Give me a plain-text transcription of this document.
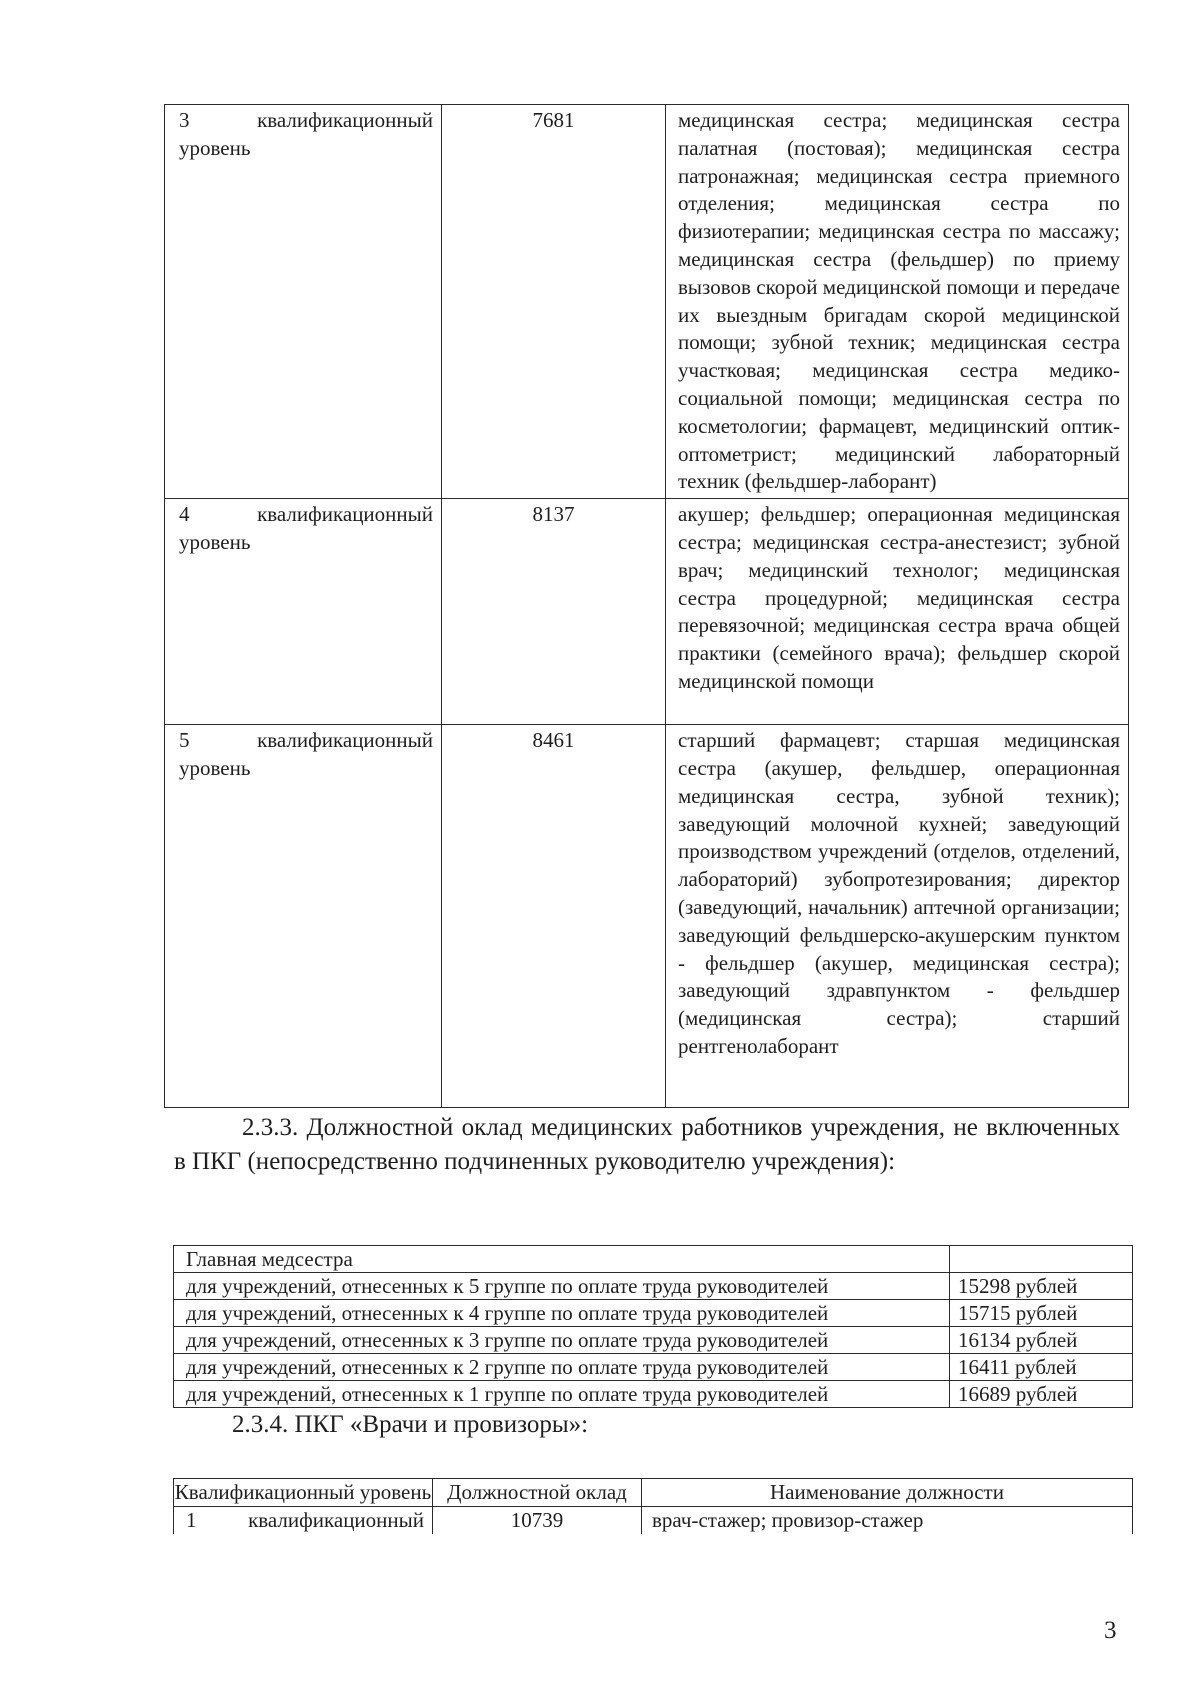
3 квалификационный уровень	7681	медицинская сестра; медицинская сестра палатная (постовая); медицинская сестра патронажная; медицинская сестра приемного отделения; медицинская сестра по физиотерапии; медицинская сестра по массажу; медицинская сестра (фельдшер) по приему вызовов скорой медицинской помощи и передаче их выездным бригадам скорой медицинской помощи; зубной техник; медицинская сестра участковая; медицинская сестра медико-социальной помощи; медицинская сестра по косметологии; фармацевт, медицинский оптик-оптометрист; медицинский лабораторный техник (фельдшер-лаборант)

4 квалификационный уровень	8137	акушер; фельдшер; операционная медицинская сестра; медицинская сестра-анестезист; зубной врач; медицинский технолог; медицинская сестра процедурной; медицинская сестра перевязочной; медицинская сестра врача общей практики (семейного врача); фельдшер скорой медицинской помощи

5 квалификационный уровень	8461	старший фармацевт; старшая медицинская сестра (акушер, фельдшер, операционная медицинская сестра, зубной техник); заведующий молочной кухней; заведующий производством учреждений (отделов, отделений, лабораторий) зубопротезирования; директор (заведующий, начальник) аптечной организации; заведующий фельдшерско-акушерским пунктом - фельдшер (акушер, медицинская сестра); заведующий здравпунктом - фельдшер (медицинская сестра); старший рентгенолаборант
2.3.3. Должностной оклад медицинских работников учреждения, не включенных в ПКГ (непосредственно подчиненных руководителю учреждения):
Главная медсестра	
для учреждений, отнесенных к 5 группе по оплате труда руководителей	15298 рублей
для учреждений, отнесенных к 4 группе по оплате труда руководителей	15715 рублей
для учреждений, отнесенных к 3 группе по оплате труда руководителей	16134 рублей
для учреждений, отнесенных к 2 группе по оплате труда руководителей	16411 рублей
для учреждений, отнесенных к 1 группе по оплате труда руководителей	16689 рублей
2.3.4. ПКГ «Врачи и провизоры»:
Квалификационный уровень	Должностной оклад	Наименование должности
1 квалификационный	10739	врач-стажер; провизор-стажер
3
